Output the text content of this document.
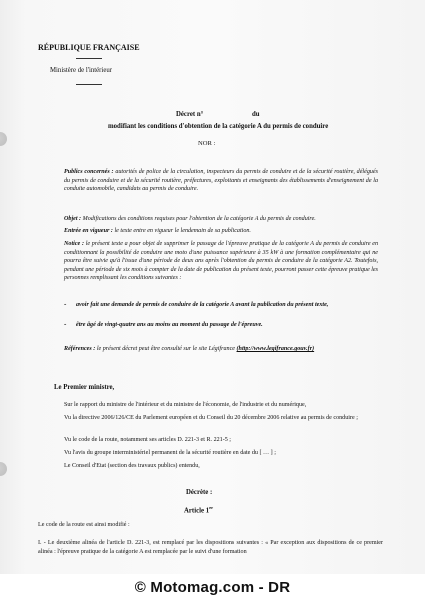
RÉPUBLIQUE FRANÇAISE
Ministère de l'intérieur
Décret n°	du
modifiant les conditions d'obtention de la catégorie A du permis de conduire
NOR :
Publics concernés : autorités de police de la circulation, inspecteurs du permis de conduire et de la sécurité routière, délégués du permis de conduire et de la sécurité routière, préfectures, exploitants et enseignants des établissements d'enseignement de la conduite automobile, candidats au permis de conduire.
Objet : Modifications des conditions requises pour l'obtention de la catégorie A du permis de conduire.
Entrée en vigueur : le texte entre en vigueur le lendemain de sa publication.
Notice : le présent texte a pour objet de supprimer le passage de l'épreuve pratique de la catégorie A du permis de conduire en conditionnant la possibilité de conduire une moto d'une puissance supérieure à 35 kW à une formation complémentaire qui ne pourra être suivie qu'à l'issue d'une période de deux ans après l'obtention du permis de conduire de la catégorie A2. Toutefois, pendant une période de six mois à compter de la date de publication du présent texte, pourront passer cette épreuve pratique les personnes remplissant les conditions suivantes :
- avoir fait une demande de permis de conduire de la catégorie A avant la publication du présent texte,
- être âgé de vingt-quatre ans au moins au moment du passage de l'épreuve.
Références : le présent décret peut être consulté sur le site Légifrance (http://www.legifrance.gouv.fr)
Le Premier ministre,
Sur le rapport du ministre de l'intérieur et du ministre de l'économie, de l'industrie et du numérique,
Vu la directive 2006/126/CE du Parlement européen et du Conseil du 20 décembre 2006 relative au permis de conduire ;
Vu le code de la route, notamment ses articles D. 221-3 et R. 221-5 ;
Vu l'avis du groupe interministériel permanent de la sécurité routière en date du [ … ] ;
Le Conseil d'Etat (section des travaux publics) entendu,
Décrète :
Article 1er
Le code de la route est ainsi modifié :
I. - Le deuxième alinéa de l'article D. 221-3, est remplacé par les dispositions suivantes : « Par exception aux dispositions de ce premier alinéa : l'épreuve pratique de la catégorie A est remplacée par le suivi d'une formation
© Motomag.com - DR
